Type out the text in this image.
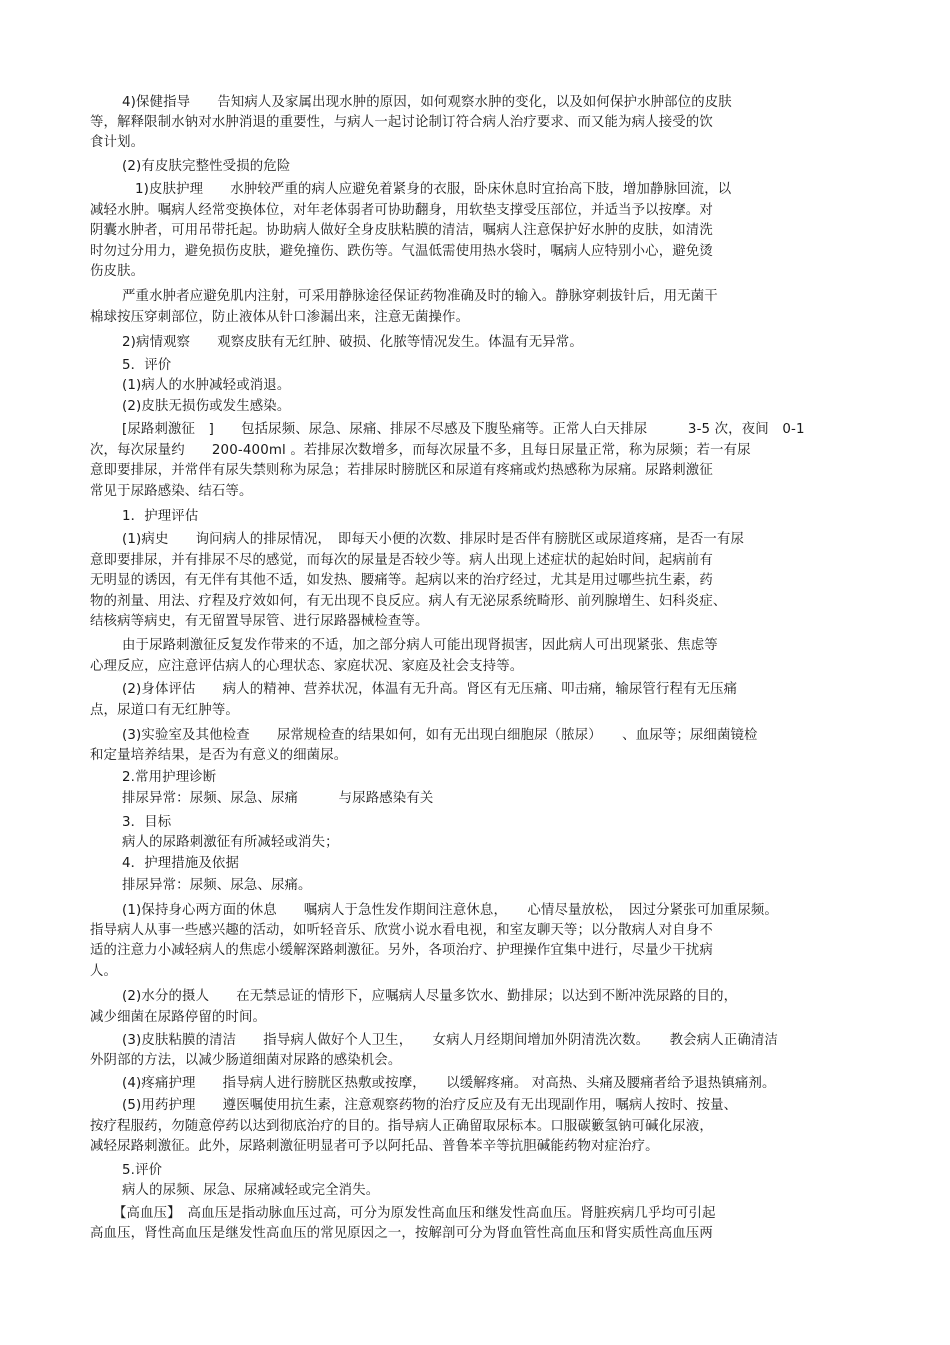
4)保健指导　　告知病人及家属出现水肿的原因，如何观察水肿的变化，以及如何保护水肿部位的皮肤
等，解释限制水钠对水肿消退的重要性，与病人一起讨论制订符合病人治疗要求、而又能为病人接受的饮
食计划。
(2)有皮肤完整性受损的危险
1)皮肤护理　　水肿较严重的病人应避免着紧身的衣服，卧床休息时宜抬高下肢，增加静脉回流，以
减轻水肿。嘱病人经常变换体位，对年老体弱者可协助翻身，用软垫支撑受压部位，并适当予以按摩。对
阴囊水肿者，可用吊带托起。协助病人做好全身皮肤粘膜的清洁，嘱病人注意保护好水肿的皮肤，如清洗
时勿过分用力，避免损伤皮肤，避免撞伤、跌伤等。气温低需使用热水袋时，嘱病人应特别小心，避免烫
伤皮肤。
严重水肿者应避免肌内注射，可采用静脉途径保证药物准确及时的输入。静脉穿刺拔针后，用无菌干
棉球按压穿刺部位，防止液体从针口渗漏出来，注意无菌操作。
2)病情观察　　观察皮肤有无红肿、破损、化脓等情况发生。体温有无异常。
5．评价
(1)病人的水肿减轻或消退。
(2)皮肤无损伤或发生感染。
[尿路刺激征　]　　包括尿频、尿急、尿痛、排尿不尽感及下腹坠痛等。正常人白天排尿　　　3-5 次，夜间　0-1
次，每次尿量约　　200-400ml 。若排尿次数增多，而每次尿量不多，且每日尿量正常，称为尿频；若一有尿
意即要排尿，并常伴有尿失禁则称为尿急；若排尿时膀胱区和尿道有疼痛或灼热感称为尿痛。尿路刺激征
常见于尿路感染、结石等。
1．护理评估
(1)病史　　询问病人的排尿情况，　即每天小便的次数、排尿时是否伴有膀胱区或尿道疼痛，是否一有尿
意即要排尿，并有排尿不尽的感觉，而每次的尿量是否较少等。病人出现上述症状的起始时间，起病前有
无明显的诱因，有无伴有其他不适，如发热、腰痛等。起病以来的治疗经过，尤其是用过哪些抗生素，药
物的剂量、用法、疗程及疗效如何，有无出现不良反应。病人有无泌尿系统畸形、前列腺增生、妇科炎症、
结核病等病史，有无留置导尿管、进行尿路器械检查等。
由于尿路刺激征反复发作带来的不适，加之部分病人可能出现肾损害，因此病人可出现紧张、焦虑等
心理反应，应注意评估病人的心理状态、家庭状况、家庭及社会支持等。
(2)身体评估　　病人的精神、营养状况，体温有无升高。肾区有无压痛、叩击痛，输尿管行程有无压痛
点，尿道口有无红肿等。
(3)实验室及其他检查　　尿常规检查的结果如何，如有无出现白细胞尿（脓尿）　　、血尿等；尿细菌镜检
和定量培养结果，是否为有意义的细菌尿。
2.常用护理诊断
排尿异常：尿频、尿急、尿痛　　　与尿路感染有关
3．目标
病人的尿路刺激征有所减轻或消失；
4．护理措施及依据
排尿异常：尿频、尿急、尿痛。
(1)保持身心两方面的休息　　嘱病人于急性发作期间注意休息，　　心情尽量放松，　因过分紧张可加重尿频。
指导病人从事一些感兴趣的活动，如听轻音乐、欣赏小说水看电视，和室友聊天等；以分散病人对自身不
适的注意力小减轻病人的焦虑小缓解深路刺激征。另外，各项治疗、护理操作宜集中进行，尽量少干扰病
人。
(2)水分的摄人　　在无禁忌证的情形下，应嘱病人尽量多饮水、勤排尿；以达到不断冲洗尿路的目的，
减少细菌在尿路停留的时间。
(3)皮肤粘膜的清洁　　指导病人做好个人卫生，　　女病人月经期间增加外阴清洗次数。　　教会病人正确清洁
外阴部的方法，以减少肠道细菌对尿路的感染机会。
(4)疼痛护理　　指导病人进行膀胱区热敷或按摩，　　以缓解疼痛。 对高热、头痛及腰痛者给予退热镇痛剂。
(5)用药护理　　遵医嘱使用抗生素，注意观察药物的治疗反应及有无出现副作用，嘱病人按时、按量、
按疗程服药，勿随意停药以达到彻底治疗的目的。指导病人正确留取尿标本。口服碳籔氢钠可碱化尿液，
减轻尿路刺激征。此外，尿路刺激征明显者可予以阿托品、普鲁苯辛等抗胆碱能药物对症治疗。
5.评价
病人的尿频、尿急、尿痛减轻或完全消失。
【高血压】　高血压是指动脉血压过高，可分为原发性高血压和继发性高血压。肾脏疾病几乎均可引起
高血压，肾性高血压是继发性高血压的常见原因之一，按解剖可分为肾血管性高血压和肾实质性高血压两
